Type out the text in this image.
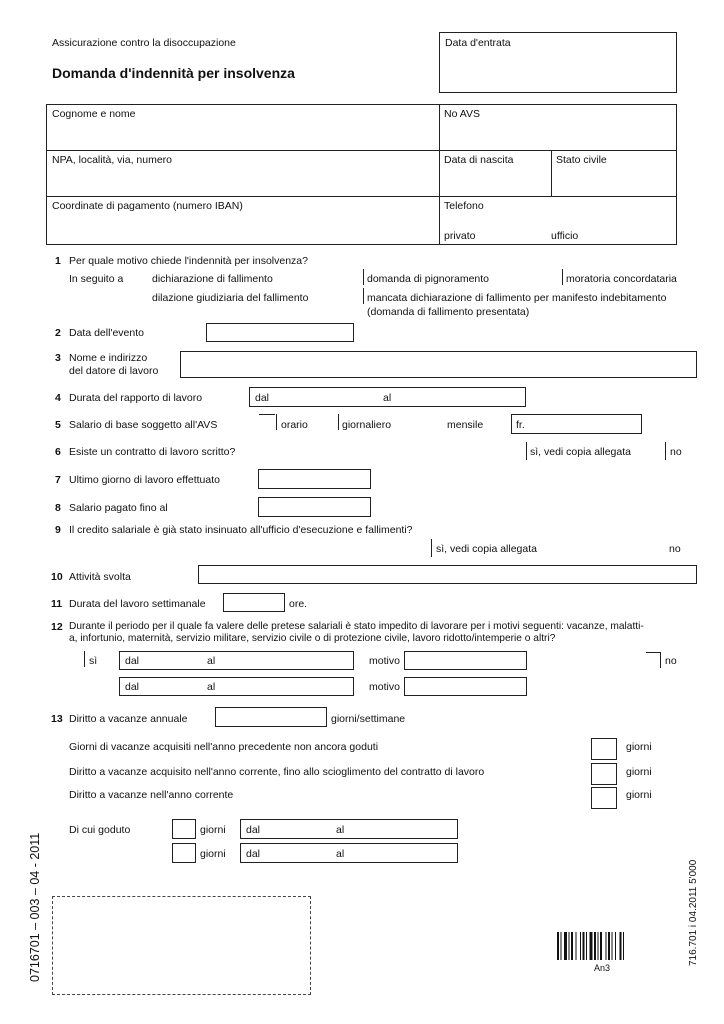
Assicurazione contro la disoccupazione
Domanda d'indennità per insolvenza
Data d'entrata
Cognome e nome	No AVS
NPA, località, via, numero	Data di nascita	Stato civile
Coordinate di pagamento (numero IBAN)	Telefono
privato	ufficio
1 Per quale motivo chiede l'indennità per insolvenza?
In seguito a	dichiarazione di fallimento	domanda di pignoramento	moratoria concordataria
dilazione giudiziaria del fallimento	mancata dichiarazione di fallimento per manifesto indebitamento
(domanda di fallimento presentata)
2 Data dell'evento
3 Nome e indirizzo
del datore di lavoro
4 Durata del rapporto di lavoro	dal	al
5 Salario di base soggetto all'AVS	orario	giornaliero	mensile	fr.
6 Esiste un contratto di lavoro scritto?	sì, vedi copia allegata	no
7 Ultimo giorno di lavoro effettuato
8 Salario pagato fino al
9 Il credito salariale è già stato insinuato all'ufficio d'esecuzione e fallimenti?
sì, vedi copia allegata	no
10 Attività svolta
11 Durata del lavoro settimanale	ore.
12 Durante il periodo per il quale fa valere delle pretese salariali è stato impedito di lavorare per i motivi seguenti: vacanze, malatti-
a, infortunio, maternità, servizio militare, servizio civile o di protezione civile, lavoro ridotto/intemperie o altri?
sì	dal	al	motivo	no
dal	al	motivo
13 Diritto a vacanze annuale	giorni/settimane
Giorni di vacanze acquisiti nell'anno precedente non ancora goduti	giorni
Diritto a vacanze acquisito nell'anno corrente, fino allo scioglimento del contratto di lavoro	giorni
Diritto a vacanze nell'anno corrente	giorni
Di cui goduto	giorni dal	al
giorni dal	al
An3
0716701 – 003 – 04 - 2011	716.701 i 04.2011 5'000
